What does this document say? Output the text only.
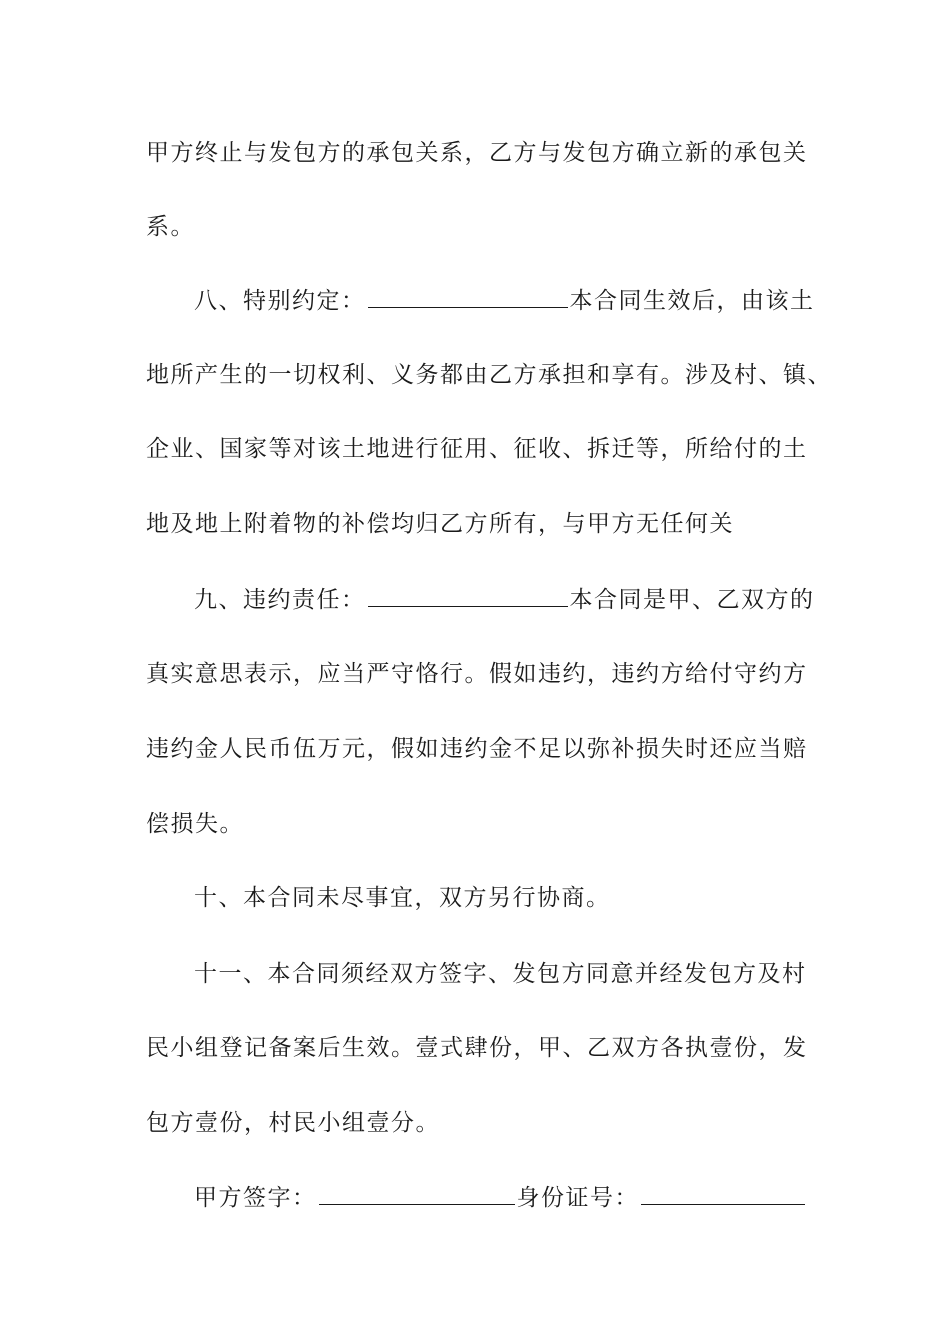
甲方终止与发包方的承包关系，乙方与发包方确立新的承包关
系。
八、特别约定：	本合同生效后，由该土
地所产生的一切权利、义务都由乙方承担和享有。涉及村、镇、
企业、国家等对该土地进行征用、征收、拆迁等，所给付的土
地及地上附着物的补偿均归乙方所有，与甲方无任何关
九、违约责任：	本合同是甲、乙双方的
真实意思表示，应当严守恪行。假如违约，违约方给付守约方
违约金人民币伍万元，假如违约金不足以弥补损失时还应当赔
偿损失。
十、本合同未尽事宜，双方另行协商。
十一、本合同须经双方签字、发包方同意并经发包方及村
民小组登记备案后生效。壹式肆份，甲、乙双方各执壹份，发
包方壹份，村民小组壹分。
甲方签字：	身份证号：
